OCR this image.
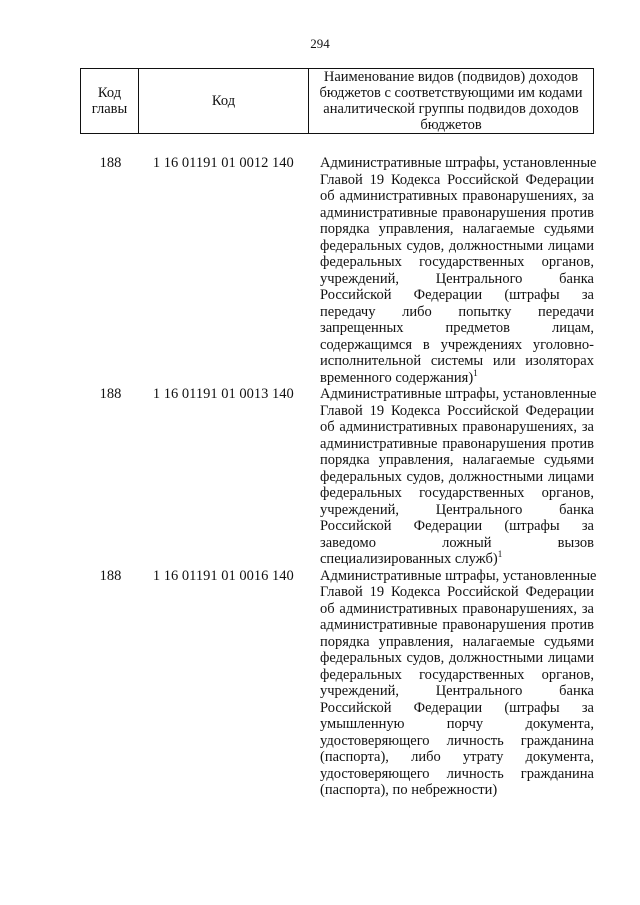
294
Код главы	Код	Наименование видов (подвидов) доходов бюджетов с соответствующими им кодами аналитической группы подвидов доходов бюджетов
188	1 16 01191 01 0012 140	Административные штрафы, установленные
Главой 19 Кодекса Российской Федерации
об административных правонарушениях, за
административные правонарушения против
порядка управления, налагаемые судьями
федеральных судов, должностными лицами
федеральных государственных органов,
учреждений, Центрального банка
Российской Федерации (штрафы за
передачу либо попытку передачи
запрещенных предметов лицам,
содержащимся в учреждениях уголовно-
исполнительной системы или изоляторах
временного содержания)$^1$
188	1 16 01191 01 0013 140	Административные штрафы, установленные
Главой 19 Кодекса Российской Федерации
об административных правонарушениях, за
административные правонарушения против
порядка управления, налагаемые судьями
федеральных судов, должностными лицами
федеральных государственных органов,
учреждений, Центрального банка
Российской Федерации (штрафы за
заведомо ложный вызов
специализированных служб)$^1$
188	1 16 01191 01 0016 140	Административные штрафы, установленные
Главой 19 Кодекса Российской Федерации
об административных правонарушениях, за
административные правонарушения против
порядка управления, налагаемые судьями
федеральных судов, должностными лицами
федеральных государственных органов,
учреждений, Центрального банка
Российской Федерации (штрафы за
умышленную порчу документа,
удостоверяющего личность гражданина
(паспорта), либо утрату документа,
удостоверяющего личность гражданина
(паспорта), по небрежности)
